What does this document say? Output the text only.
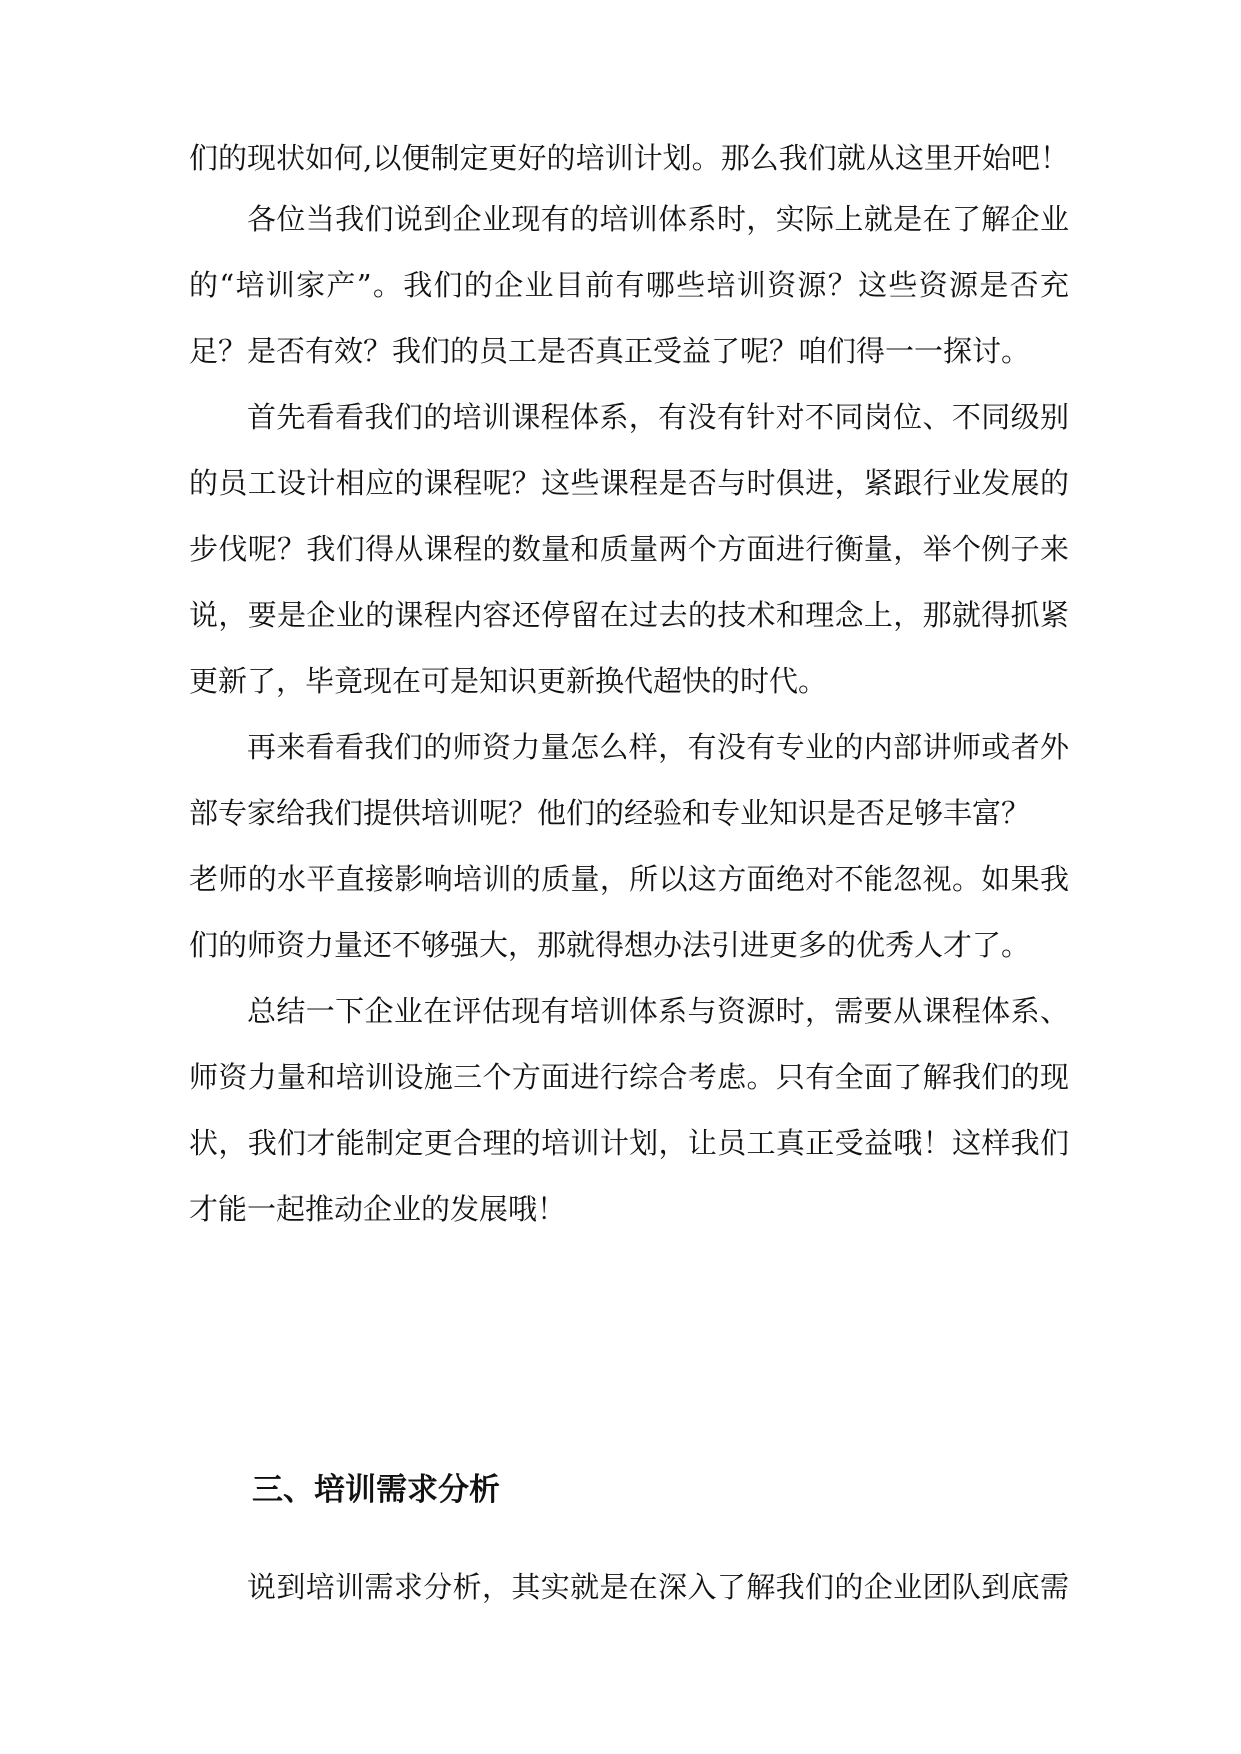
们的现状如何,以便制定更好的培训计划。那么我们就从这里开始吧！
各位当我们说到企业现有的培训体系时，实际上就是在了解企业
的“培训家产”。我们的企业目前有哪些培训资源？这些资源是否充
足？是否有效？我们的员工是否真正受益了呢？咱们得一一探讨。
首先看看我们的培训课程体系，有没有针对不同岗位、不同级别
的员工设计相应的课程呢？这些课程是否与时俱进，紧跟行业发展的
步伐呢？我们得从课程的数量和质量两个方面进行衡量，举个例子来
说，要是企业的课程内容还停留在过去的技术和理念上，那就得抓紧
更新了，毕竟现在可是知识更新换代超快的时代。
再来看看我们的师资力量怎么样，有没有专业的内部讲师或者外
部专家给我们提供培训呢？他们的经验和专业知识是否足够丰富？
老师的水平直接影响培训的质量，所以这方面绝对不能忽视。如果我
们的师资力量还不够强大，那就得想办法引进更多的优秀人才了。
总结一下企业在评估现有培训体系与资源时，需要从课程体系、
师资力量和培训设施三个方面进行综合考虑。只有全面了解我们的现
状，我们才能制定更合理的培训计划，让员工真正受益哦！这样我们
才能一起推动企业的发展哦！
三、培训需求分析
说到培训需求分析，其实就是在深入了解我们的企业团队到底需
